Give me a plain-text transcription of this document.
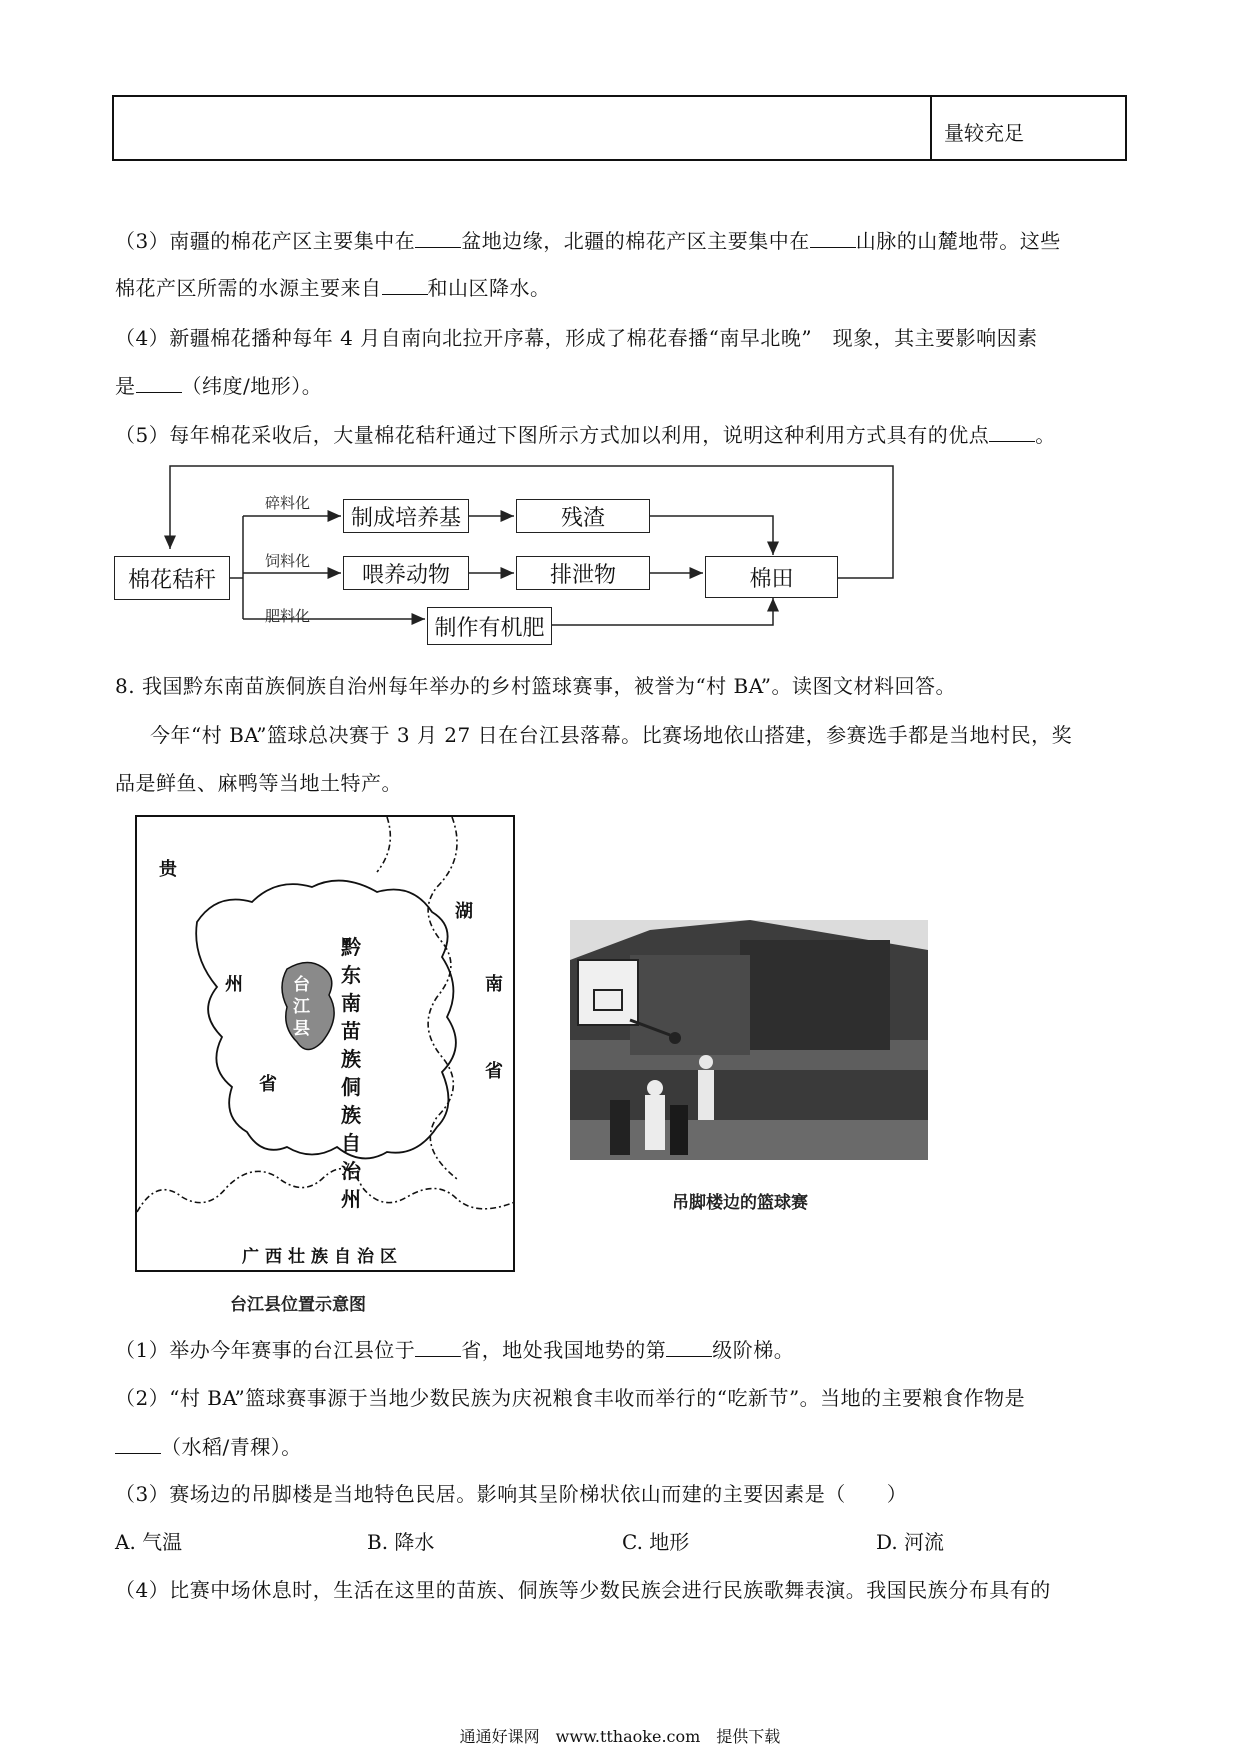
量较充足
（3）南疆的棉花产区主要集中在 盆地边缘，北疆的棉花产区主要集中在 山脉的山麓地带。这些
棉花产区所需的水源主要来自 和山区降水。
（4）新疆棉花播种每年 4 月自南向北拉开序幕，形成了棉花春播“南早北晚”　现象，其主要影响因素
是 （纬度/地形）。
（5）每年棉花采收后，大量棉花秸秆通过下图所示方式加以利用，说明这种利用方式具有的优点 。
棉花秸秆
碎料化
饲料化
肥料化
制成培养基	残渣
喂养动物	排泄物	棉田
制作有机肥
8. 我国黔东南苗族侗族自治州每年举办的乡村篮球赛事，被誉为“村 BA”。读图文材料回答。
今年“村 BA”篮球总决赛于 3 月 27 日在台江县落幕。比赛场地依山搭建，参赛选手都是当地村民，奖
品是鲜鱼、麻鸭等当地土特产。
贵
州
省
湖
南
省
黔东南苗族侗族自治州
台江县
广西壮族自治区
台江县位置示意图
吊脚楼边的篮球赛
（1）举办今年赛事的台江县位于 省，地处我国地势的第 级阶梯。
（2）“村 BA”篮球赛事源于当地少数民族为庆祝粮食丰收而举行的“吃新节”。当地的主要粮食作物是
（水稻/青稞）。
（3）赛场边的吊脚楼是当地特色民居。影响其呈阶梯状依山而建的主要因素是（　　）
A. 气温	B. 降水	C. 地形	D. 河流
（4）比赛中场休息时，生活在这里的苗族、侗族等少数民族会进行民族歌舞表演。我国民族分布具有的
通通好课网　www.tthaoke.com　提供下载
